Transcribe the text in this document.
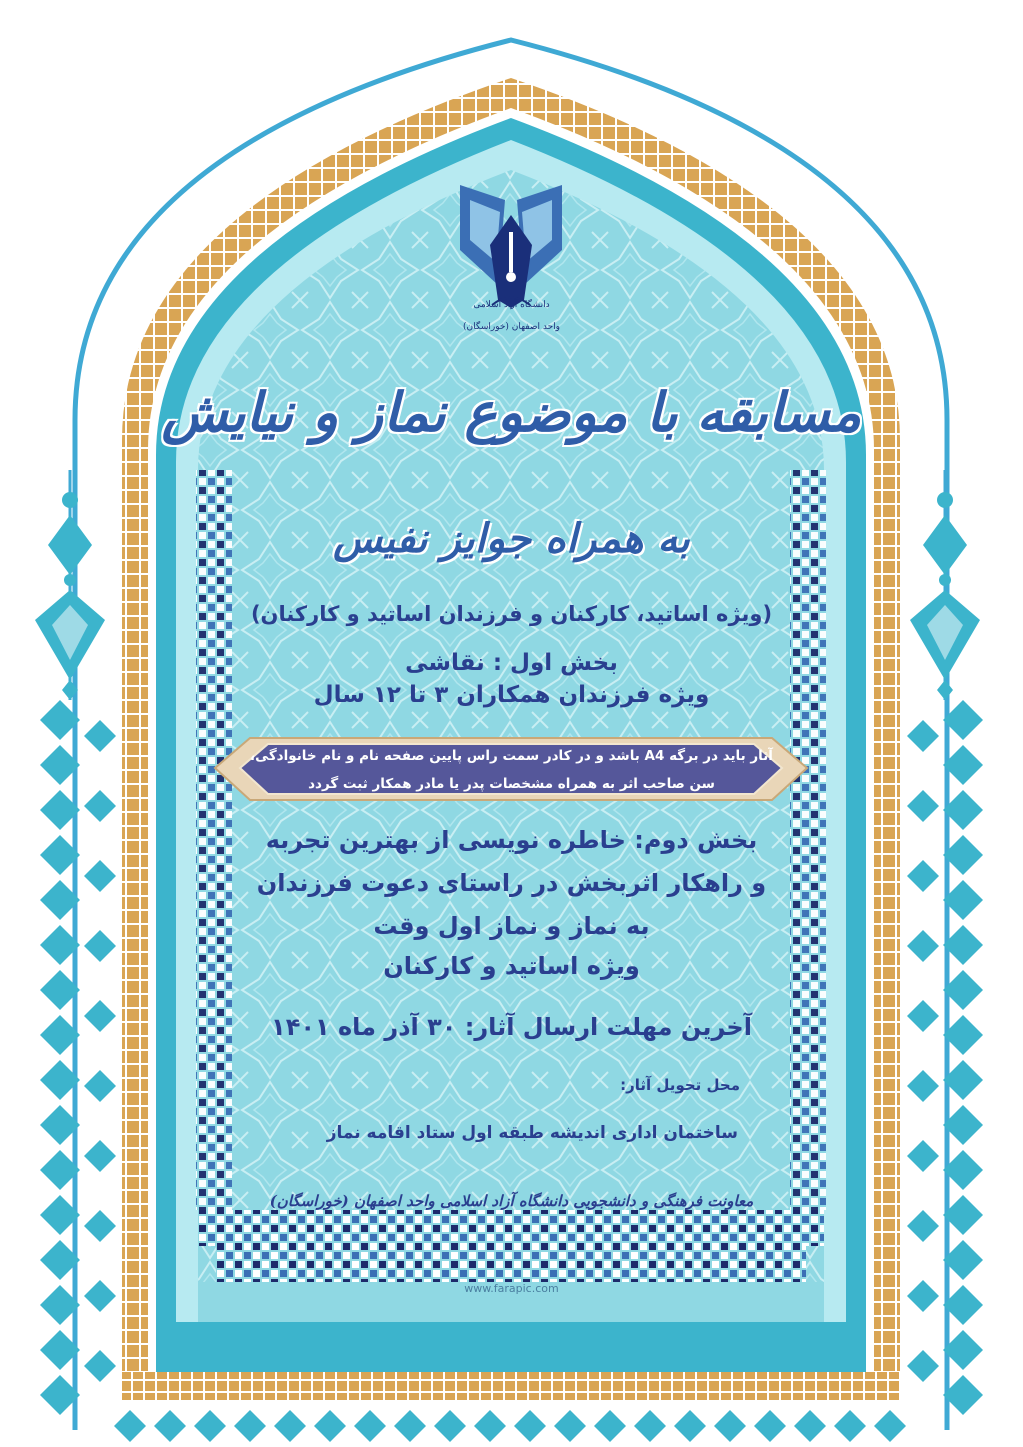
دانشگاه آزاد اسلامی
واحد اصفهان (خوراسگان)
مسابقه با موضوع نماز و نیایش
به همراه جوایز نفیس
(ویژه اساتید، کارکنان و فرزندان اساتید و کارکنان)
بخش اول : نقاشی
ویژه فرزندان همکاران ۳ تا ۱۲ سال
آثار باید در برگه A4 باشد و در کادر سمت راس پایین صفحه نام و نام خانوادگی،
سن صاحب اثر به همراه مشخصات پدر یا مادر همکار ثبت گردد
بخش دوم: خاطره نویسی از بهترین تجربه
و راهکار اثربخش در راستای دعوت فرزندان
به نماز و نماز اول وقت
ویژه اساتید و کارکنان
آخرین مهلت ارسال آثار: ۳۰ آذر ماه ۱۴۰۱
محل تحویل آثار:
ساختمان اداری اندیشه طبقه اول ستاد اقامه نماز
معاونت فرهنگی و دانشجویی دانشگاه آزاد اسلامی واحد اصفهان (خوراسگان)
www.farapic.com
